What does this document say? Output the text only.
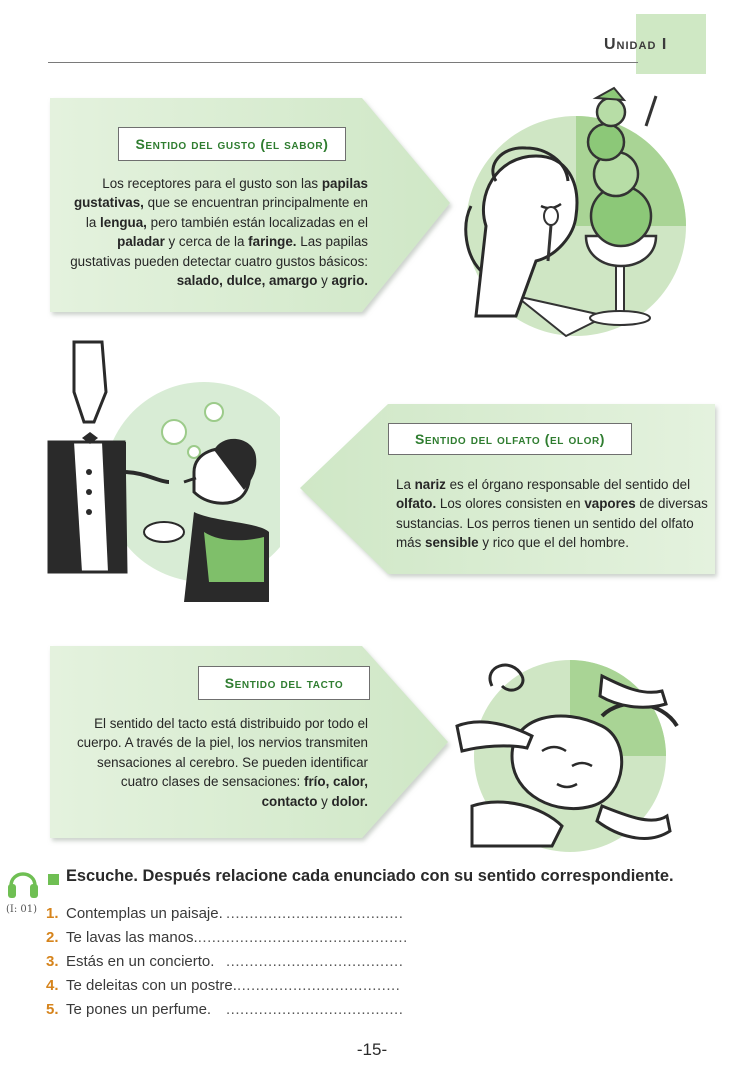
Unidad I
Sentido del gusto (el sabor)
Los receptores para el gusto son las papilas gustativas, que se encuentran principalmente en la lengua, pero también están localizadas en el paladar y cerca de la faringe. Las papilas gustativas pueden detectar cuatro gustos básicos: salado, dulce, amargo y agrio.
Sentido del olfato (el olor)
La nariz es el órgano responsable del sentido del olfato. Los olores consisten en vapores de diversas sustancias. Los perros tienen un sentido del olfato más sensible y rico que el del hombre.
Sentido del tacto
El sentido del tacto está distribuido por todo el cuerpo. A través de la piel, los nervios transmiten sensaciones al cerebro. Se pueden identificar cuatro clases de sensaciones: frío, calor, contacto y dolor.
(I: 01)
Escuche. Después relacione cada enunciado con su sentido correspondiente.
1. Contemplas un paisaje. ......................................
2. Te lavas las manos. .............................................
3. Estás en un concierto. ......................................
4. Te deleitas con un postre. ...................................
5. Te pones un perfume. ......................................
-15-
